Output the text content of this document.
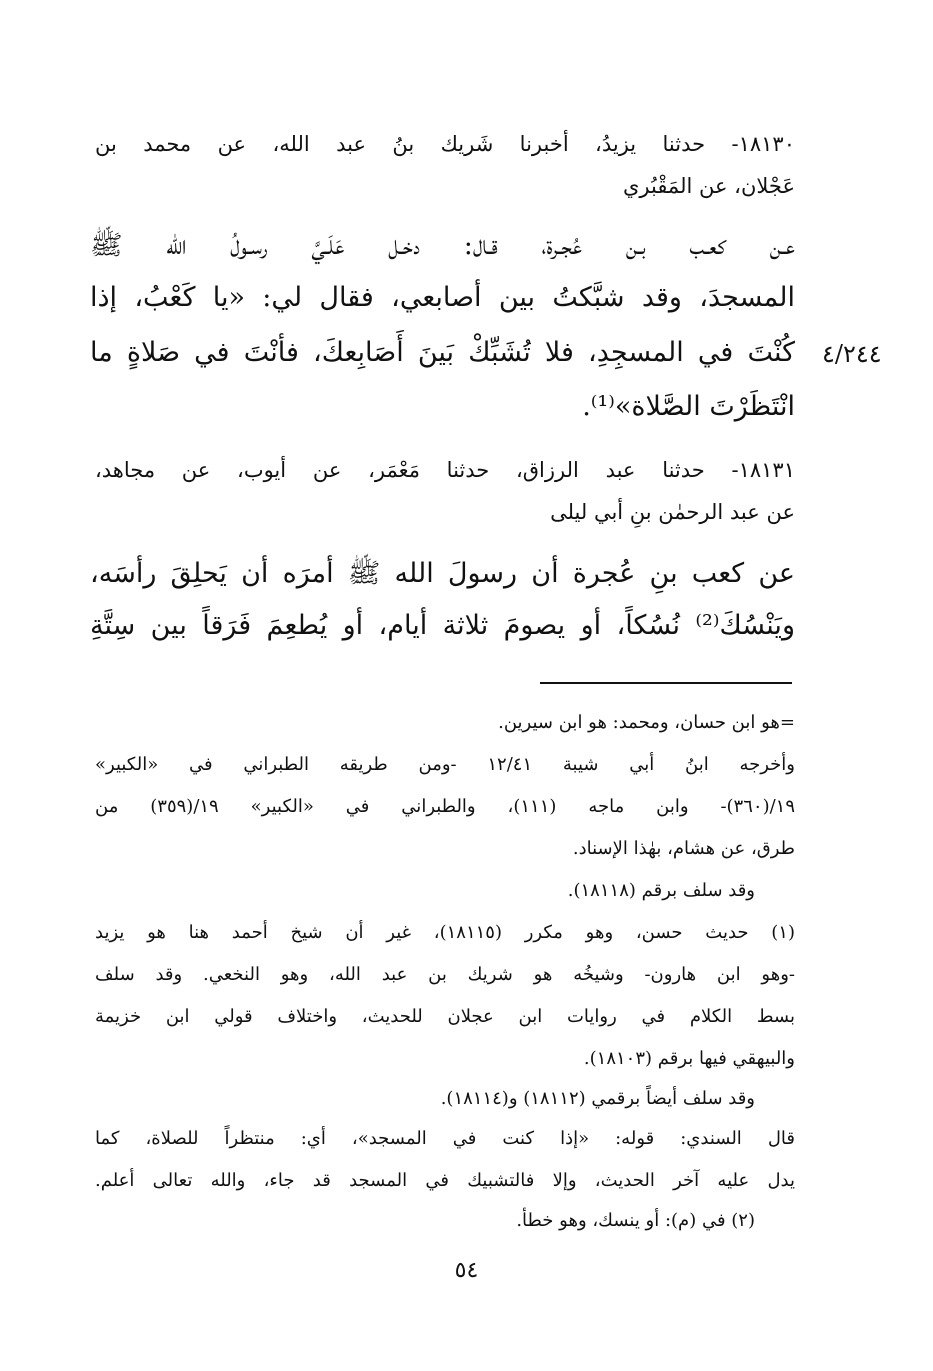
١٨١٣٠- حدثنا يزيدُ، أخبرنا شَريك بنُ عبد الله، عن محمد بن
عَجْلان، عن المَقْبُري
عـن كعـب بـن عُجـرة، قـال: دخـل عَلَـيَّ رسـولُ الله ﷺ
المسجدَ، وقد شبَّكتُ بين أصابعي، فقال لي: «يا كَعْبُ، إذا
كُنْتَ في المسجِدِ، فلا تُشَبِّكْ بَينَ أَصَابِعكَ، فأنْتَ في صَلاةٍ ما
انْتَظَرْتَ الصَّلاة»⁽¹⁾.
٤/٢٤٤
١٨١٣١- حدثنا عبد الرزاق، حدثنا مَعْمَر، عن أيوب، عن مجاهد،
عن عبد الرحمٰن بنِ أبي ليلى
عن كعب بنِ عُجرة أن رسولَ الله ﷺ أمرَه أن يَحلِقَ رأسَه،
ويَنْسُكَ⁽²⁾ نُسُكاً، أو يصومَ ثلاثة أيام، أو يُطعِمَ فَرَقاً بين سِتَّةِ
=هو ابن حسان، ومحمد: هو ابن سيرين.
وأخرجه ابنُ أبي شيبة ١٢/٤١ -ومن طريقه الطبراني في «الكبير»
١٩/(٣٦٠)- وابن ماجه (١١١)، والطبراني في «الكبير» ١٩/(٣٥٩) من
طرق، عن هشام، بهٰذا الإسناد.
وقد سلف برقم (١٨١١٨).
(١) حديث حسن، وهو مكرر (١٨١١٥)، غير أن شيخ أحمد هنا هو يزيد
-وهو ابن هارون- وشيخُه هو شريك بن عبد الله، وهو النخعي. وقد سلف
بسط الكلام في روايات ابن عجلان للحديث، واختلاف قولي ابن خزيمة
والبيهقي فيها برقم (١٨١٠٣).
وقد سلف أيضاً برقمي (١٨١١٢) و(١٨١١٤).
قال السندي: قوله: «إذا كنت في المسجد»، أي: منتظراً للصلاة، كما
يدل عليه آخر الحديث، وإلا فالتشبيك في المسجد قد جاء، والله تعالى أعلم.
(٢) في (م): أو ينسك، وهو خطأ.
٥٤
